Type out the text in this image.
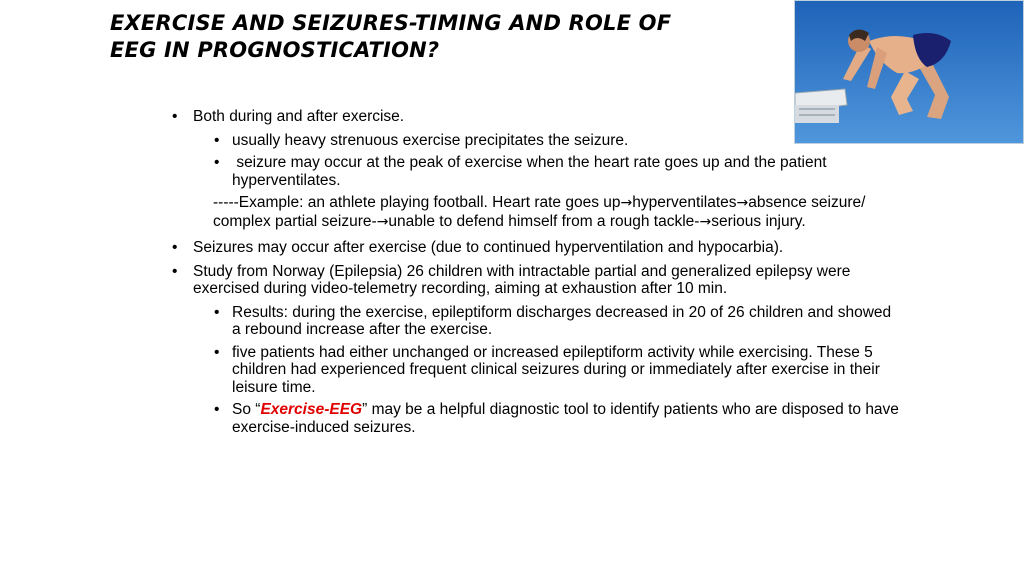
EXERCISE AND SEIZURES-TIMING AND ROLE OF
EEG IN PROGNOSTICATION?
• Both during and after exercise.
• usually heavy strenuous exercise precipitates the seizure.
• seizure may occur at the peak of exercise when the heart rate goes up and the patient hyperventilates.
-----Example: an athlete playing football. Heart rate goes up→hyperventilates→absence seizure/ complex partial seizure-→unable to defend himself from a rough tackle-→serious injury.
• Seizures may occur after exercise (due to continued hyperventilation and hypocarbia).
• Study from Norway (Epilepsia) 26 children with intractable partial and generalized epilepsy were exercised during video-telemetry recording, aiming at exhaustion after 10 min.
• Results: during the exercise, epileptiform discharges decreased in 20 of 26 children and showed a rebound increase after the exercise.
• five patients had either unchanged or increased epileptiform activity while exercising. These 5 children had experienced frequent clinical seizures during or immediately after exercise in their leisure time.
• So “Exercise-EEG” may be a helpful diagnostic tool to identify patients who are disposed to have exercise-induced seizures.
